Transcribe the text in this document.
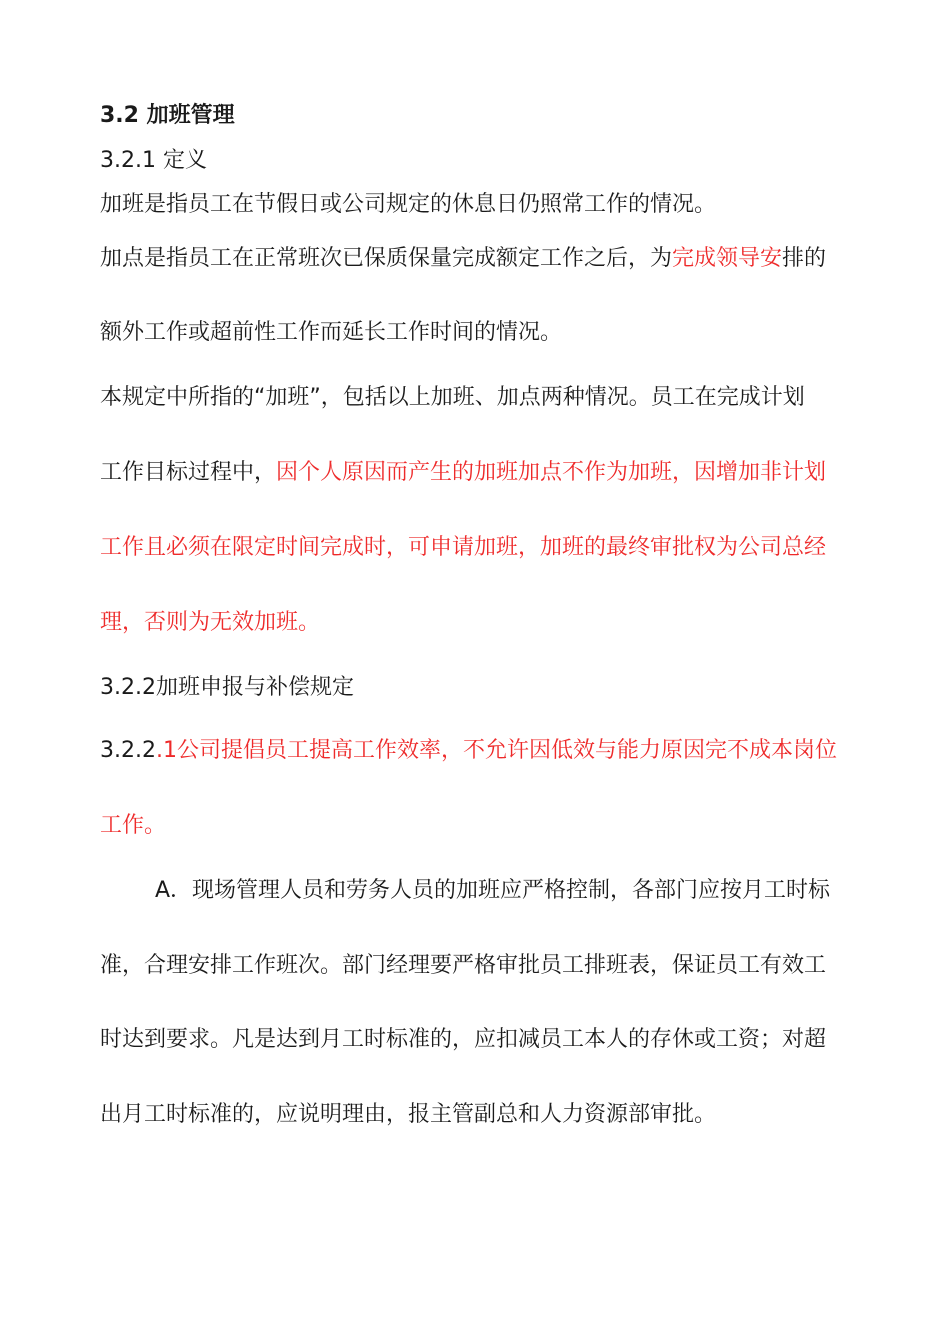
3.2 加班管理
3.2.1 定义
加班是指员工在节假日或公司规定的休息日仍照常工作的情况。
加点是指员工在正常班次已保质保量完成额定工作之后，为完成领导安排的
额外工作或超前性工作而延长工作时间的情况。
本规定中所指的“加班”，包括以上加班、加点两种情况。员工在完成计划
工作目标过程中，因个人原因而产生的加班加点不作为加班，因增加非计划
工作且必须在限定时间完成时，可申请加班，加班的最终审批权为公司总经
理，否则为无效加班。
3.2.2加班申报与补偿规定
3.2.2.1公司提倡员工提高工作效率，不允许因低效与能力原因完不成本岗位
工作。
A．现场管理人员和劳务人员的加班应严格控制，各部门应按月工时标
准，合理安排工作班次。部门经理要严格审批员工排班表，保证员工有效工
时达到要求。凡是达到月工时标准的，应扣减员工本人的存休或工资；对超
出月工时标准的，应说明理由，报主管副总和人力资源部审批。
